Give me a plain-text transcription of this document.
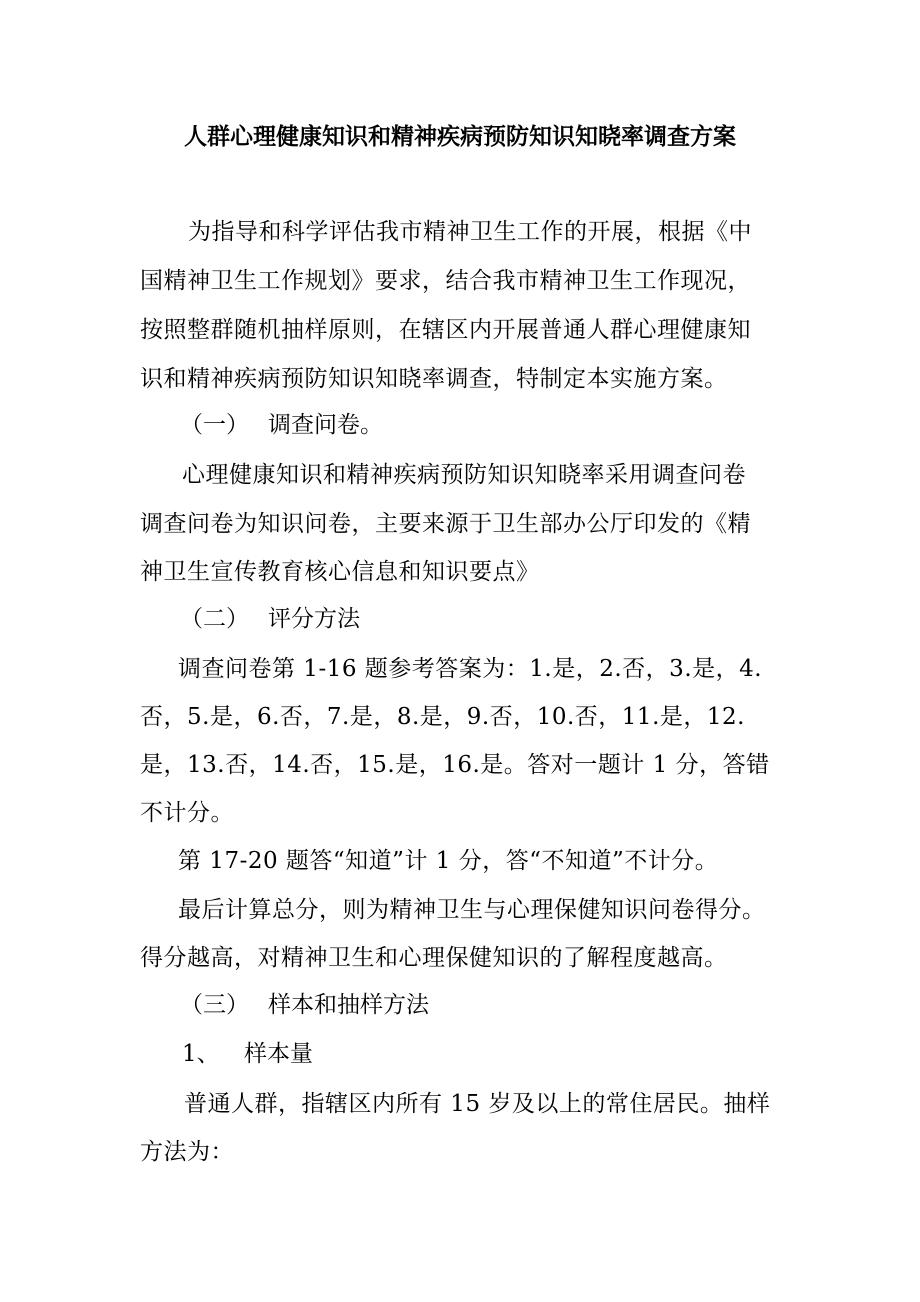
人群心理健康知识和精神疾病预防知识知晓率调查方案
为指导和科学评估我市精神卫生工作的开展，根据《中
国精神卫生工作规划》要求，结合我市精神卫生工作现况，
按照整群随机抽样原则，在辖区内开展普通人群心理健康知
识和精神疾病预防知识知晓率调查，特制定本实施方案。
（一） 调查问卷。
心理健康知识和精神疾病预防知识知晓率采用调查问卷
调查问卷为知识问卷，主要来源于卫生部办公厅印发的《精
神卫生宣传教育核心信息和知识要点》
（二） 评分方法
调查问卷第 1-16 题参考答案为：1.是，2.否，3.是，4.
否，5.是，6.否，7.是，8.是，9.否，10.否，11.是，12.
是，13.否，14.否，15.是，16.是。答对一题计 1 分，答错
不计分。
第 17-20 题答“知道”计 1 分，答“不知道”不计分。
最后计算总分，则为精神卫生与心理保健知识问卷得分。
得分越高，对精神卫生和心理保健知识的了解程度越高。
（三） 样本和抽样方法
1、 样本量
普通人群，指辖区内所有 15 岁及以上的常住居民。抽样
方法为：
